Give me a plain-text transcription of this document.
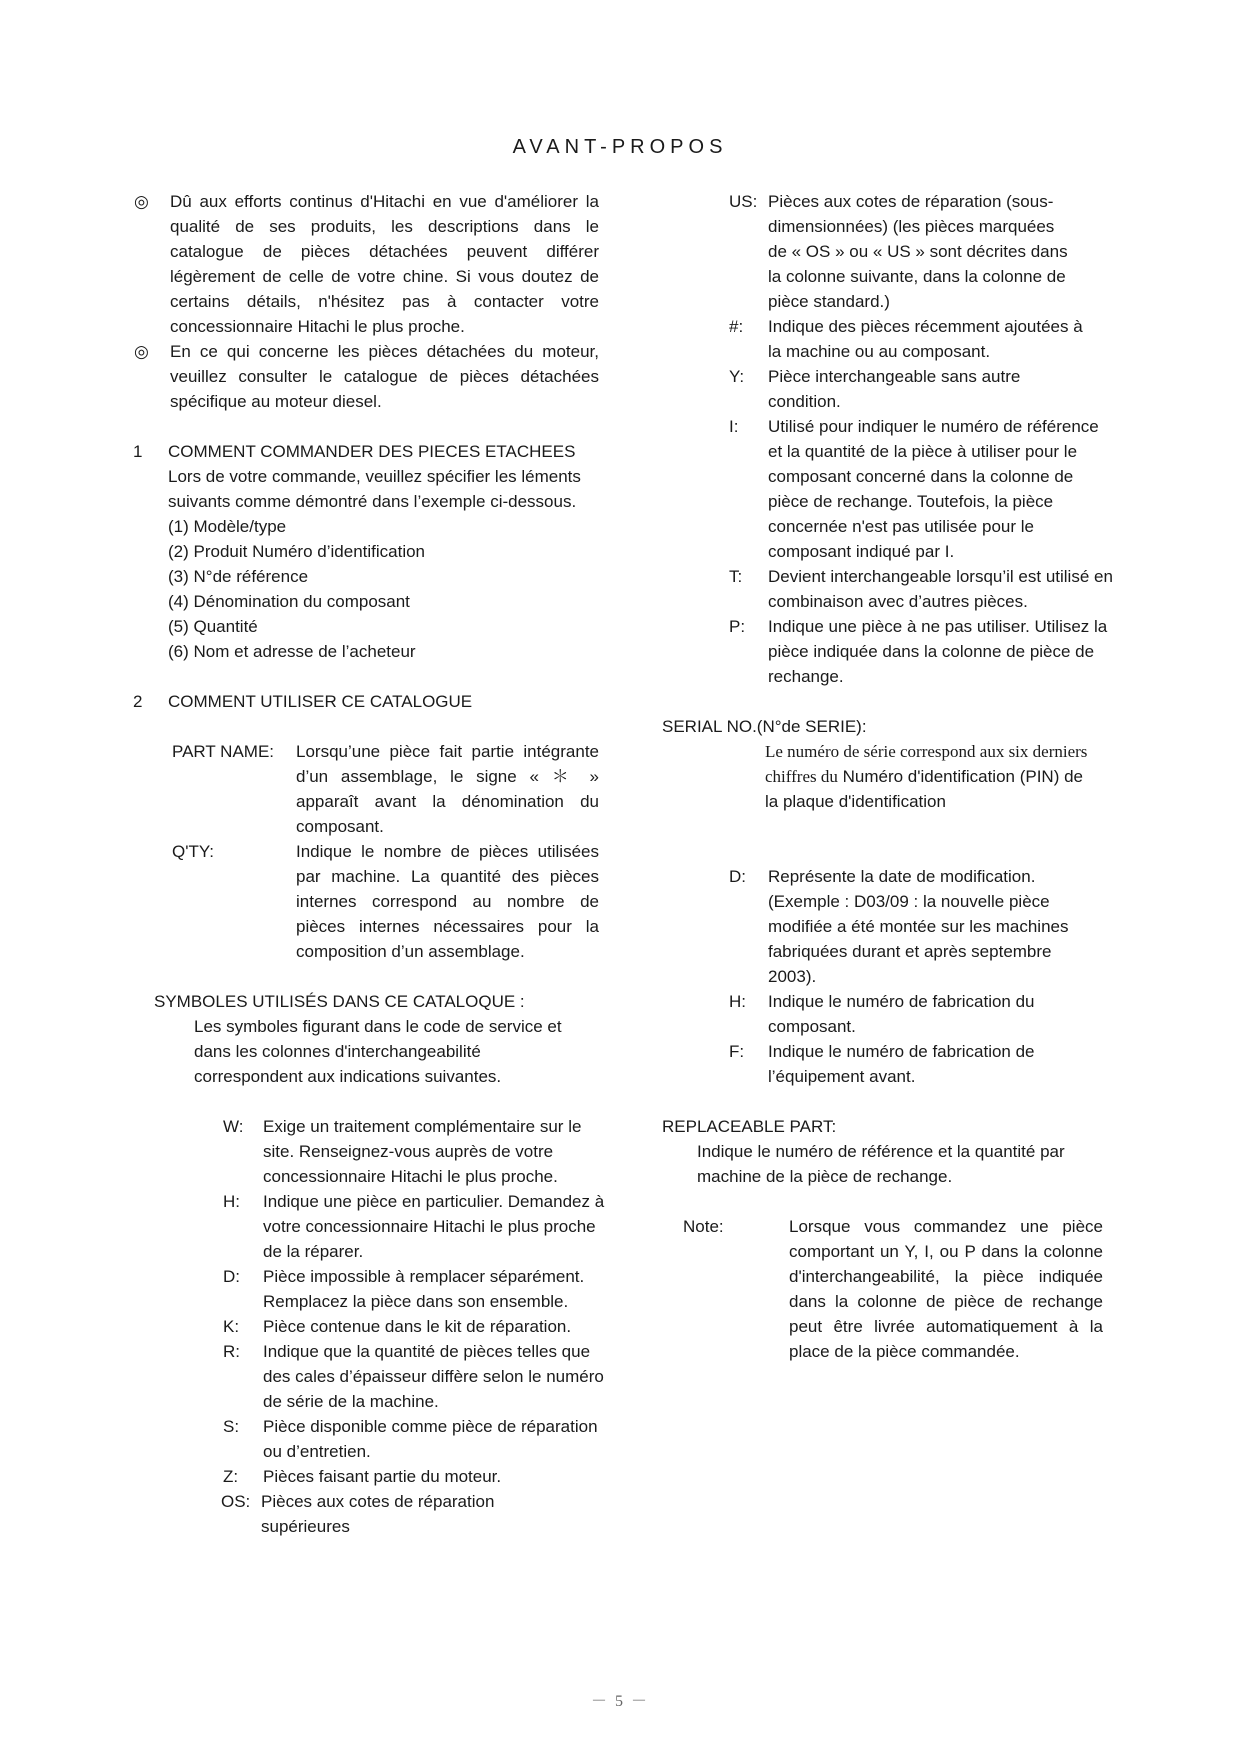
AVANT-PROPOS
◎ Dû aux efforts continus d'Hitachi en vue d'améliorer la qualité de ses produits, les descriptions dans le catalogue de pièces détachées peuvent différer légèrement de celle de votre chine. Si vous doutez de certains détails, n'hésitez pas à contacter votre concessionnaire Hitachi le plus proche.
◎ En ce qui concerne les pièces détachées du moteur, veuillez consulter le catalogue de pièces détachées spécifique au moteur diesel.
1 COMMENT COMMANDER DES PIECES ETACHEES
Lors de votre commande, veuillez spécifier les léments suivants comme démontré dans l’exemple ci-dessous.
(1) Modèle/type
(2) Produit Numéro d’identification
(3) N°de référence
(4) Dénomination du composant
(5) Quantité
(6) Nom et adresse de l’acheteur
2 COMMENT UTILISER CE CATALOGUE
PART NAME: Lorsqu’une pièce fait partie intégrante d’un assemblage, le signe « ＊ » apparaît avant la dénomination du composant.
Q'TY:	Indique le nombre de pièces utilisées par machine. La quantité des pièces internes correspond au nombre de pièces internes nécessaires pour la composition d’un assemblage.
SYMBOLES UTILISÉS DANS CE CATALOQUE :
Les symboles figurant dans le code de service et dans les colonnes d'interchangeabilité correspondent aux indications suivantes.
W: Exige un traitement complémentaire sur le site. Renseignez-vous auprès de votre concessionnaire Hitachi le plus proche.
H: Indique une pièce en particulier. Demandez à votre concessionnaire Hitachi le plus proche de la réparer.
D: Pièce impossible à remplacer séparément. Remplacez la pièce dans son ensemble.
K: Pièce contenue dans le kit de réparation.
R: Indique que la quantité de pièces telles que des cales d’épaisseur diffère selon le numéro de série de la machine.
S: Pièce disponible comme pièce de réparation ou d’entretien.
Z: Pièces faisant partie du moteur.
OS: Pièces aux cotes de réparation supérieures
US: Pièces aux cotes de réparation (sous-dimensionnées) (les pièces marquées de « OS » ou « US » sont décrites dans la colonne suivante, dans la colonne de pièce standard.)
#: Indique des pièces récemment ajoutées à la machine ou au composant.
Y: Pièce interchangeable sans autre condition.
I: Utilisé pour indiquer le numéro de référence et la quantité de la pièce à utiliser pour le composant concerné dans la colonne de pièce de rechange. Toutefois, la pièce concernée n'est pas utilisée pour le composant indiqué par I.
T: Devient interchangeable lorsqu’il est utilisé en combinaison avec d’autres pièces.
P: Indique une pièce à ne pas utiliser. Utilisez la pièce indiquée dans la colonne de pièce de rechange.
SERIAL NO.(N°de SERIE):
Le numéro de série correspond aux six derniers chiffres du Numéro d'identification (PIN) de la plaque d'identification
D: Représente la date de modification. (Exemple : D03/09 : la nouvelle pièce modifiée a été montée sur les machines fabriquées durant et après septembre 2003).
H: Indique le numéro de fabrication du composant.
F: Indique le numéro de fabrication de l’équipement avant.
REPLACEABLE PART:
Indique le numéro de référence et la quantité par machine de la pièce de rechange.
Note:	Lorsque vous commandez une pièce comportant un Y, I, ou P dans la colonne d'interchangeabilité, la pièce indiquée dans la colonne de pièce de rechange peut être livrée automatiquement à la place de la pièce commandée.
－ 5 －
